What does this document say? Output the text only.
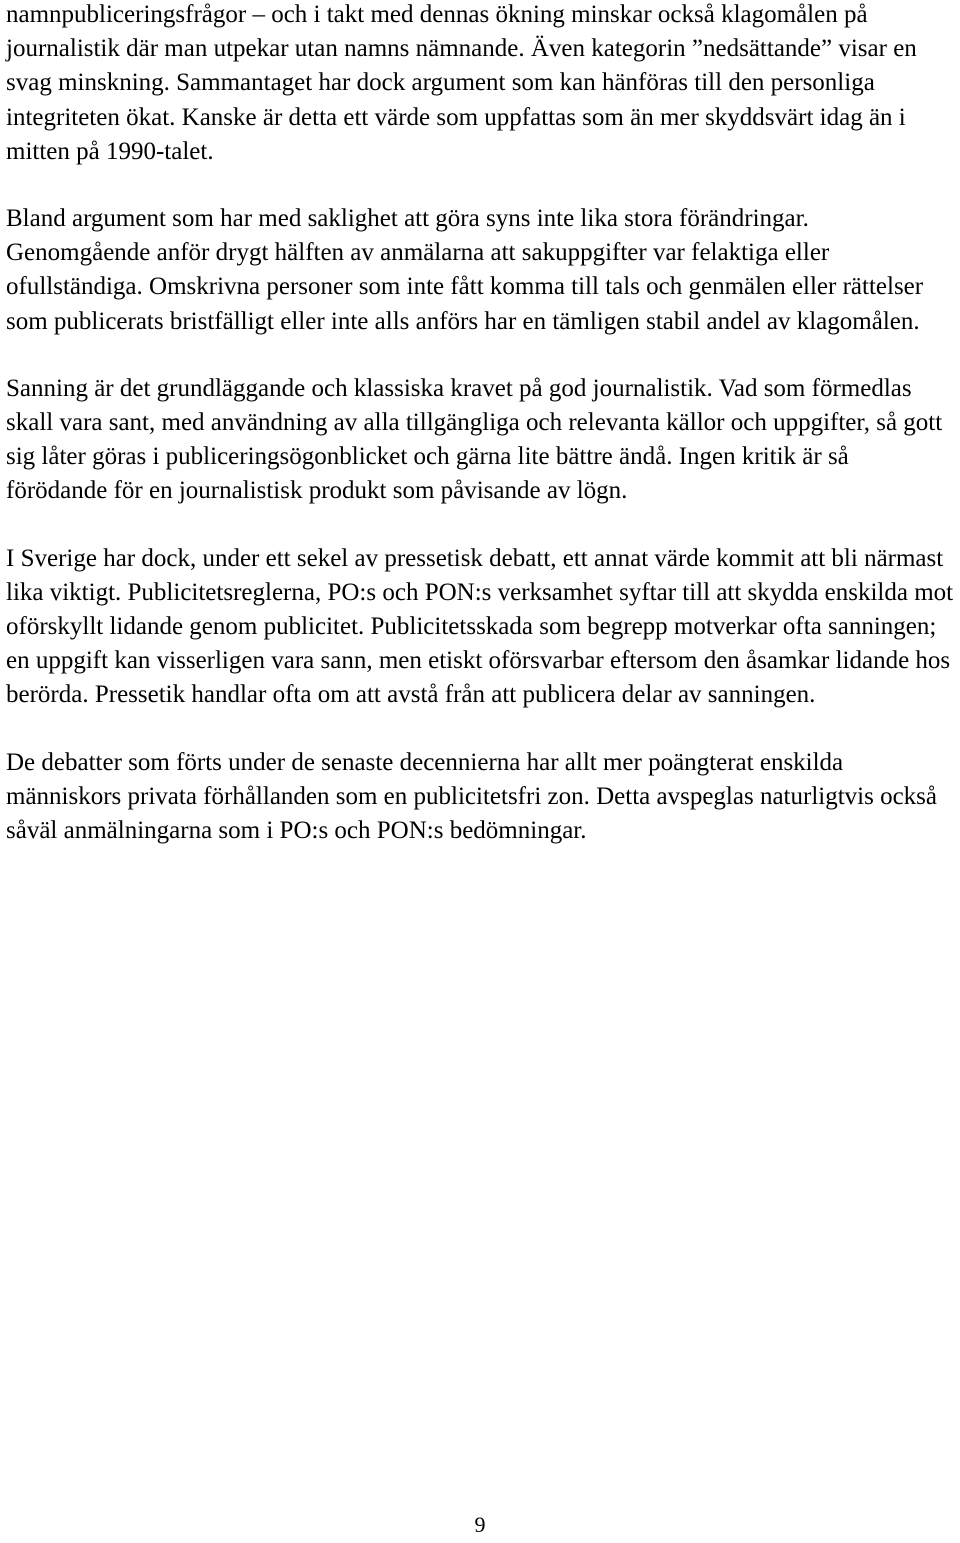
namnpubliceringsfrågor – och i takt med dennas ökning minskar också klagomålen på journalistik där man utpekar utan namns nämnande. Även kategorin ”nedsättande” visar en svag minskning. Sammantaget har dock argument som kan hänföras till den personliga integriteten ökat. Kanske är detta ett värde som uppfattas som än mer skyddsvärt idag än i mitten på 1990-talet.

Bland argument som har med saklighet att göra syns inte lika stora förändringar. Genomgående anför drygt hälften av anmälarna att sakuppgifter var felaktiga eller ofullständiga. Omskrivna personer som inte fått komma till tals och genmälen eller rättelser som publicerats bristfälligt eller inte alls anförs har en tämligen stabil andel av klagomålen.

Sanning är det grundläggande och klassiska kravet på god journalistik. Vad som förmedlas skall vara sant, med användning av alla tillgängliga och relevanta källor och uppgifter, så gott sig låter göras i publiceringsögonblicket och gärna lite bättre ändå. Ingen kritik är så förödande för en journalistisk produkt som påvisande av lögn.

I Sverige har dock, under ett sekel av pressetisk debatt, ett annat värde kommit att bli närmast lika viktigt. Publicitetsreglerna, PO:s och PON:s verksamhet syftar till att skydda enskilda mot oförskyllt lidande genom publicitet. Publicitetsskada som begrepp motverkar ofta sanningen; en uppgift kan visserligen vara sann, men etiskt oförsvarbar eftersom den åsamkar lidande hos berörda. Pressetik handlar ofta om att avstå från att publicera delar av sanningen.

De debatter som förts under de senaste decennierna har allt mer poängterat enskilda människors privata förhållanden som en publicitetsfri zon. Detta avspeglas naturligtvis också såväl anmälningarna som i PO:s och PON:s bedömningar.

9
